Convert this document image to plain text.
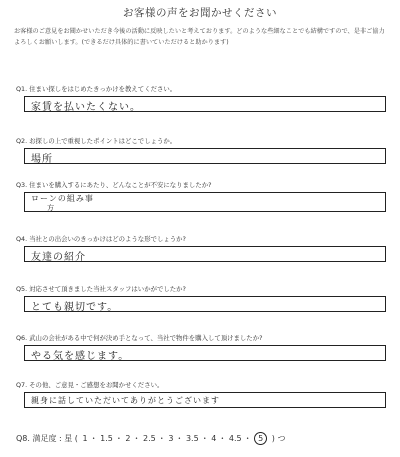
お客様の声をお聞かせください
お客様のご意見をお聞かせいただき今後の活動に反映したいと考えております。どのような些細なことでも結構ですので、是非ご協力よろしくお願いします。(できるだけ具体的に書いていただけると助かります)
Q1. 住まい探しをはじめたきっかけを教えてください。
家賃を払いたくない。
Q2. お探しの上で重視したポイントはどこでしょうか。
場所
Q3. 住まいを購入するにあたり、どんなことが不安になりましたか?
ローンの組み事
方
Q4. 当社との出会いのきっかけはどのような形でしょうか?
友達の紹介
Q5. 対応させて頂きました当社スタッフはいかがでしたか?
とても親切です。
Q6. 武山の会社がある中で何が決め手となって、当社で物件を購入して頂けましたか?
やる気を感じます。
Q7. その他、ご意見・ご感想をお聞かせください。
親身に話していただいてありがとうございます
Q8. 満足度 : 星 ( 1 ・ 1.5 ・ 2 ・ 2.5 ・ 3 ・ 3.5 ・ 4 ・ 4.5 ・ 5 ) つ
